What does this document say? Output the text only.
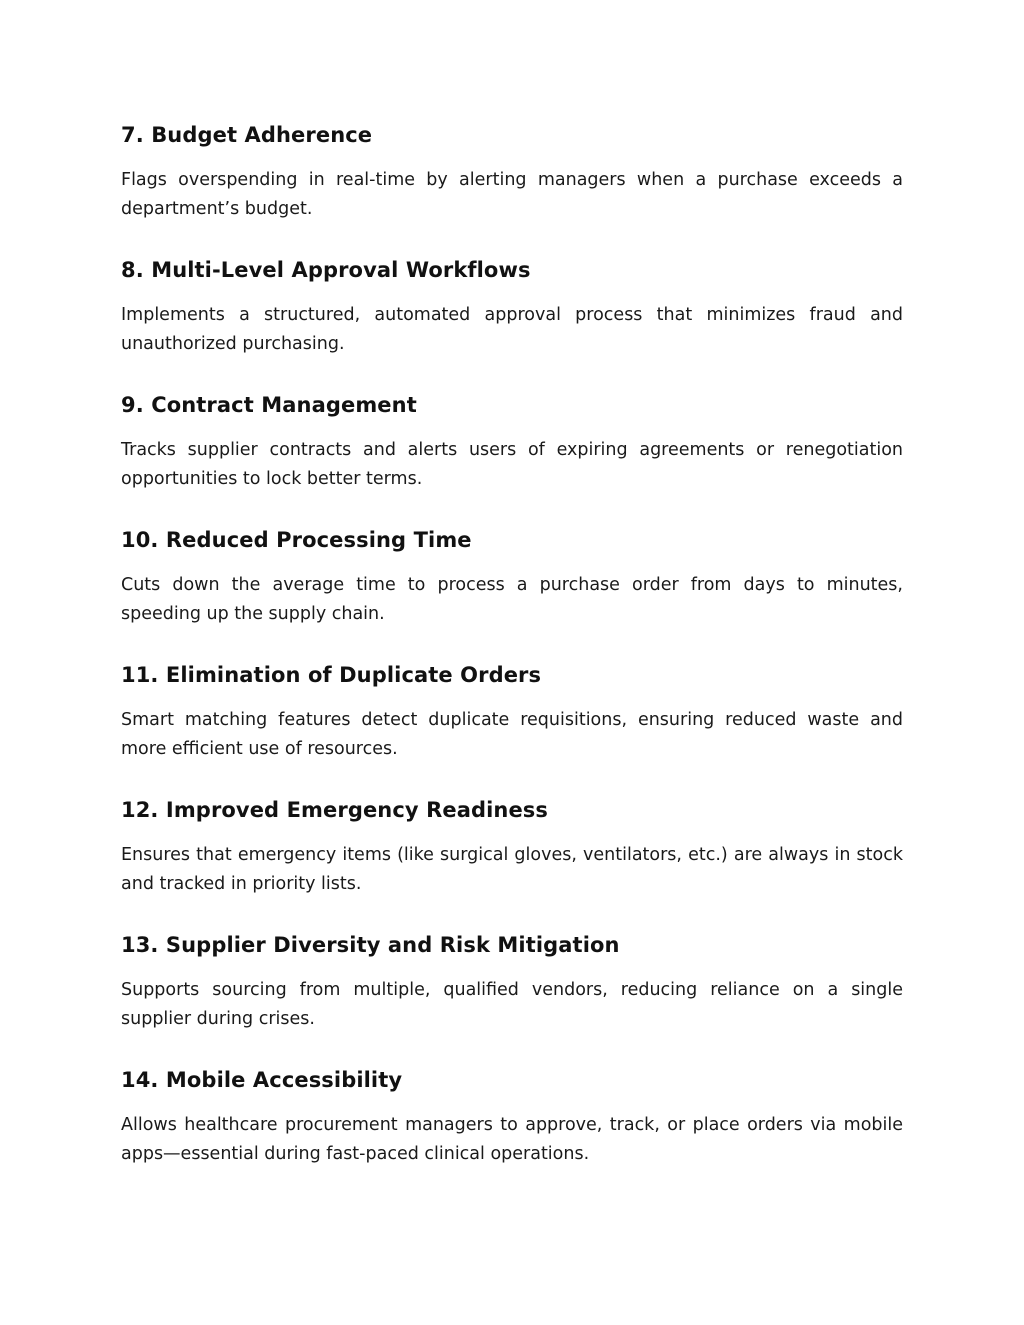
7. Budget Adherence

Flags overspending in real-time by alerting managers when a purchase exceeds a department’s budget.

8. Multi-Level Approval Workflows

Implements a structured, automated approval process that minimizes fraud and unauthorized purchasing.

9. Contract Management

Tracks supplier contracts and alerts users of expiring agreements or renegotiation opportunities to lock better terms.

10. Reduced Processing Time

Cuts down the average time to process a purchase order from days to minutes, speeding up the supply chain.

11. Elimination of Duplicate Orders

Smart matching features detect duplicate requisitions, ensuring reduced waste and more efficient use of resources.

12. Improved Emergency Readiness

Ensures that emergency items (like surgical gloves, ventilators, etc.) are always in stock and tracked in priority lists.

13. Supplier Diversity and Risk Mitigation

Supports sourcing from multiple, qualified vendors, reducing reliance on a single supplier during crises.

14. Mobile Accessibility

Allows healthcare procurement managers to approve, track, or place orders via mobile apps—essential during fast-paced clinical operations.
